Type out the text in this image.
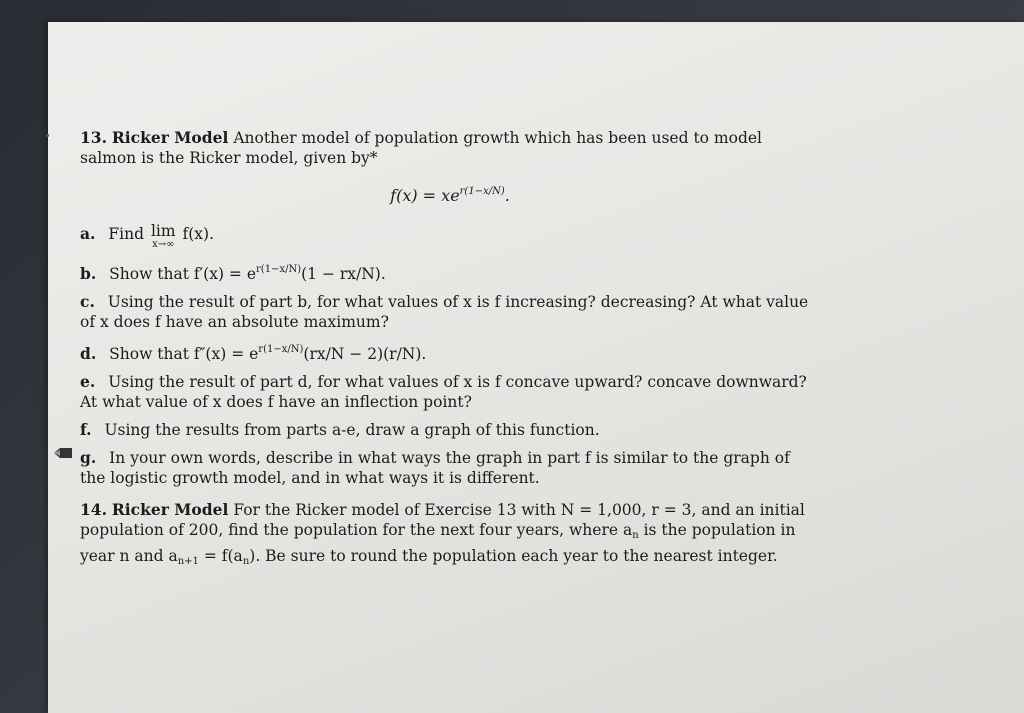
13. Ricker Model Another model of population growth which has been used to model salmon is the Ricker model, given by*

$f(x) = xe^{r(1-x/N)}$.
a. Find lim
x→∞
f(x).
b. Show that $f'(x) = e^{r(1-x/N)}(1 - rx/N)$.
c. Using the result of part b, for what values of x is f increasing? decreasing? At what value of x does f have an absolute maximum?
d. Show that $f''(x) = e^{r(1-x/N)}(rx/N - 2)(r/N)$.
e. Using the result of part d, for what values of x is f concave upward? concave downward? At what value of x does f have an inflection point?
f. Using the results from parts a-e, draw a graph of this function.
g. In your own words, describe in what ways the graph in part f is similar to the graph of the logistic growth model, and in what ways it is different.

14. Ricker Model For the Ricker model of Exercise 13 with N = 1,000, r = 3, and an initial population of 200, find the population for the next four years, where $a_n$ is the population in year n and $a_{n+1} = f(a_n)$. Be sure to round the population each year to the nearest integer.
